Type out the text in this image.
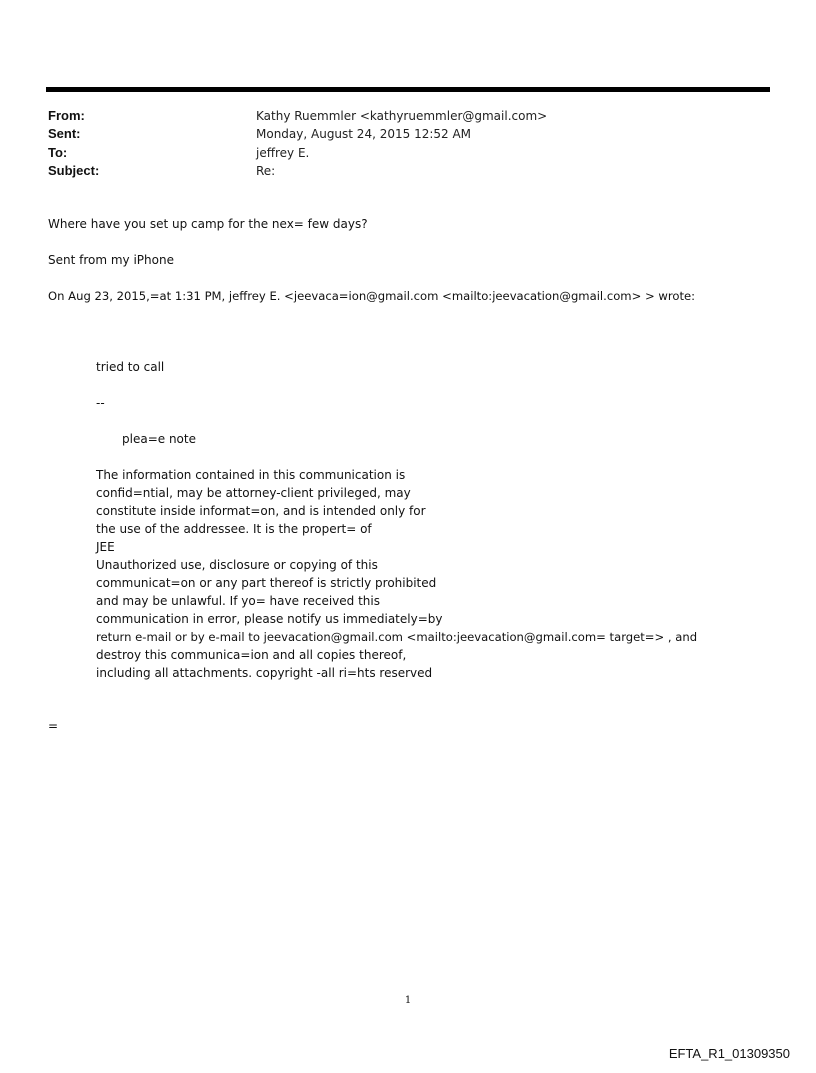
From:	Kathy Ruemmler <kathyruemmler@gmail.com>
Sent:	Monday, August 24, 2015 12:52 AM
To:	jeffrey E.
Subject:	Re:
Where have you set up camp for the nex= few days?
Sent from my iPhone
On Aug 23, 2015,=at 1:31 PM, jeffrey E. <jeevaca=ion@gmail.com <mailto:jeevacation@gmail.com> > wrote:
tried to call
--
plea=e note
The information contained in this communication is
confid=ntial, may be attorney-client privileged, may
constitute inside informat=on, and is intended only for
the use of the addressee. It is the propert= of
JEE
Unauthorized use, disclosure or copying of this
communicat=on or any part thereof is strictly prohibited
and may be unlawful. If yo= have received this
communication in error, please notify us immediately=by
return e-mail or by e-mail to jeevacation@gmail.com <mailto:jeevacation@gmail.com= target=> , and
destroy this communica=ion and all copies thereof,
including all attachments. copyright -all ri=hts reserved
=
1
EFTA_R1_01309350
